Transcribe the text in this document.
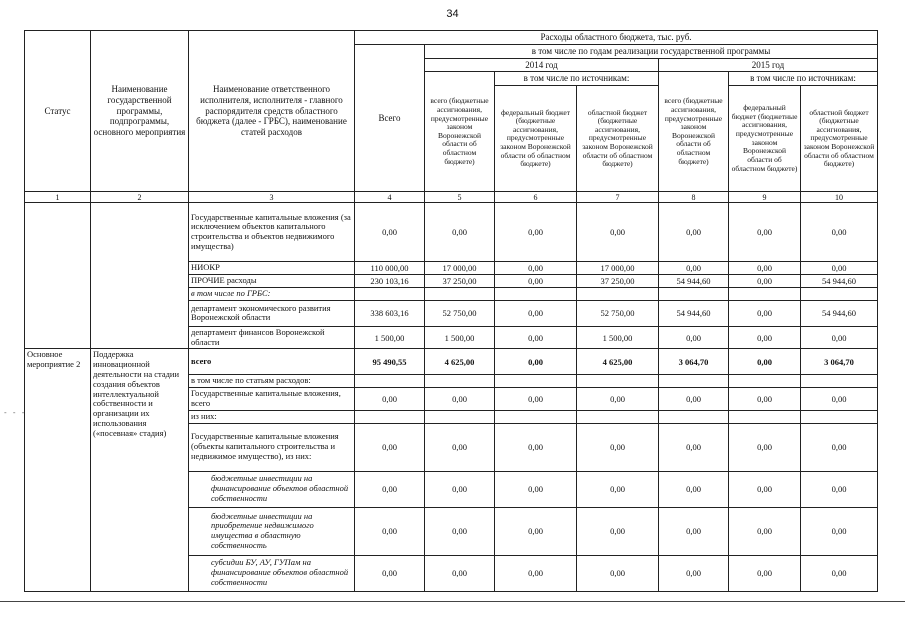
34
Статус	Наименование государственной программы, подпрограммы, основного мероприятия	Наименование ответственного исполнителя, исполнителя - главного распорядителя средств областного бюджета (далее - ГРБС), наименование статей расходов	Расходы областного бюджета, тыс. руб.						
			Всего	в том числе по годам реализации государственной программы					
				2014 год			2015 год		
				всего (бюджетные ассигнования, предусмотренные законом Воронежской области об областном бюджете)	в том числе по источникам:		всего (бюджетные ассигнования, предусмотренные законом Воронежской области об областном бюджете)	в том числе по источникам:	
					федеральный бюджет (бюджетные ассигнования, предусмотренные законом Воронежской области об областном бюджете)	областной бюджет (бюджетные ассигнования, предусмотренные законом Воронежской области об областном бюджете)		федеральный бюджет (бюджетные ассигнования, предусмотренные законом Воронежской области об областном бюджете)	областной бюджет (бюджетные ассигнования, предусмотренные законом Воронежской области об областном бюджете)
1	2	3	4	5	6	7	8	9	10
		Государственные капитальные вложения (за исключением объектов капитального строительства и объектов недвижимого имущества)	0,00	0,00	0,00	0,00	0,00	0,00	0,00
		НИОКР	110 000,00	17 000,00	0,00	17 000,00	0,00	0,00	0,00
		ПРОЧИЕ расходы	230 103,16	37 250,00	0,00	37 250,00	54 944,60	0,00	54 944,60
		в том числе по ГРБС:							
		департамент экономического развития Воронежской области	338 603,16	52 750,00	0,00	52 750,00	54 944,60	0,00	54 944,60
		департамент финансов Воронежской области	1 500,00	1 500,00	0,00	1 500,00	0,00	0,00	0,00
Основное мероприятие 2	Поддержка инновационной деятельности на стадии создания объектов интеллектуальной собственности и организации их использования («посевная» стадия)	всего	95 490,55	4 625,00	0,00	4 625,00	3 064,70	0,00	3 064,70
		в том числе по статьям расходов:							
		Государственные капитальные вложения, всего	0,00	0,00	0,00	0,00	0,00	0,00	0,00
		из них:							
		Государственные капитальные вложения (объекты капитального строительства и недвижимое имущество), из них:	0,00	0,00	0,00	0,00	0,00	0,00	0,00
		бюджетные инвестиции на финансирование объектов областной собственности	0,00	0,00	0,00	0,00	0,00	0,00	0,00
		бюджетные инвестиции на приобретение недвижимого имущества в областную собственность	0,00	0,00	0,00	0,00	0,00	0,00	0,00
		субсидии БУ, АУ, ГУПам на финансирование объектов областной собственности	0,00	0,00	0,00	0,00	0,00	0,00	0,00
- - -
